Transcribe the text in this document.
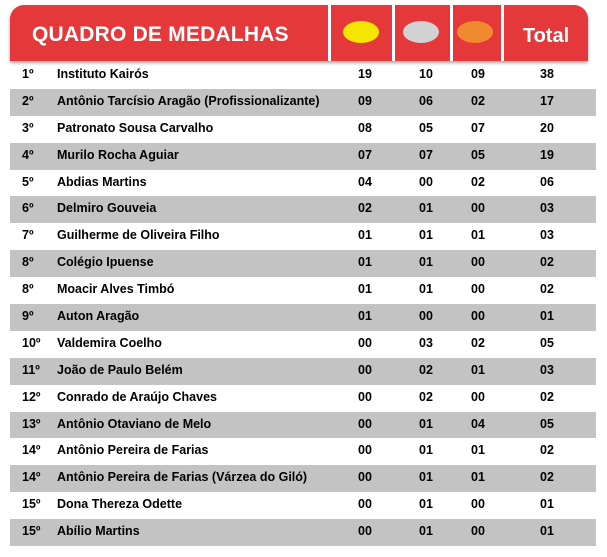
QUADRO DE MEDALHAS	Total
1º Instituto Kairós	19	10	09	38
2º Antônio Tarcísio Aragão (Profissionalizante)	09	06	02	17
3º Patronato Sousa Carvalho	08	05	07	20
4º Murilo Rocha Aguiar	07	07	05	19
5º Abdias Martins	04	00	02	06
6º Delmiro Gouveia	02	01	00	03
7º Guilherme de Oliveira Filho	01	01	01	03
8º Colégio Ipuense	01	01	00	02
8º Moacir Alves Timbó	01	01	00	02
9º Auton Aragão	01	00	00	01
10º Valdemira Coelho	00	03	02	05
11º João de Paulo Belém	00	02	01	03
12º Conrado de Araújo Chaves	00	02	00	02
13º Antônio Otaviano de Melo	00	01	04	05
14º Antônio Pereira de Farias	00	01	01	02
14º Antônio Pereira de Farias (Várzea do Giló)	00	01	01	02
15º Dona Thereza Odette	00	01	00	01
15º Abílio Martins	00	01	00	01
